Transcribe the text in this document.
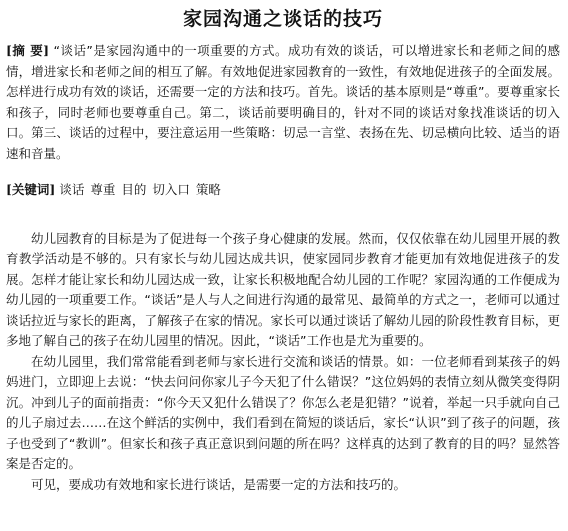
家园沟通之谈话的技巧

[摘 要] “谈话”是家园沟通中的一项重要的方式。成功有效的谈话，可以增进家长和老师之间的感情，增进家长和老师之间的相互了解。有效地促进家园教育的一致性，有效地促进孩子的全面发展。怎样进行成功有效的谈话，还需要一定的方法和技巧。首先。谈话的基本原则是“尊重”。要尊重家长和孩子，同时老师也要尊重自己。第二，谈话前要明确目的，针对不同的谈话对象找准谈话的切入口。第三、谈话的过程中，要注意运用一些策略：切忌一言堂、表扬在先、切忌横向比较、适当的语速和音量。

[关键词] 谈话 尊重 目的 切入口 策略

幼儿园教育的目标是为了促进每一个孩子身心健康的发展。然而，仅仅依靠在幼儿园里开展的教育教学活动是不够的。只有家长与幼儿园达成共识，使家园同步教育才能更加有效地促进孩子的发展。怎样才能让家长和幼儿园达成一致，让家长积极地配合幼儿园的工作呢？家园沟通的工作便成为幼儿园的一项重要工作。“谈话”是人与人之间进行沟通的最常见、最简单的方式之一，老师可以通过谈话拉近与家长的距离，了解孩子在家的情况。家长可以通过谈话了解幼儿园的阶段性教育目标，更多地了解自己的孩子在幼儿园里的情况。因此，“谈话”工作也是尤为重要的。

在幼儿园里，我们常常能看到老师与家长进行交流和谈话的情景。如：一位老师看到某孩子的妈妈进门，立即迎上去说：“快去问问你家儿子今天犯了什么错误？”这位妈妈的表情立刻从微笑变得阴沉。冲到儿子的面前指责：“你今天又犯什么错误了？你怎么老是犯错？”说着，举起一只手就向自己的儿子扇过去……在这个鲜活的实例中，我们看到在简短的谈话后，家长“认识”到了孩子的问题，孩子也受到了“教训”。但家长和孩子真正意识到问题的所在吗？这样真的达到了教育的目的吗？显然答案是否定的。

可见，要成功有效地和家长进行谈话，是需要一定的方法和技巧的。
